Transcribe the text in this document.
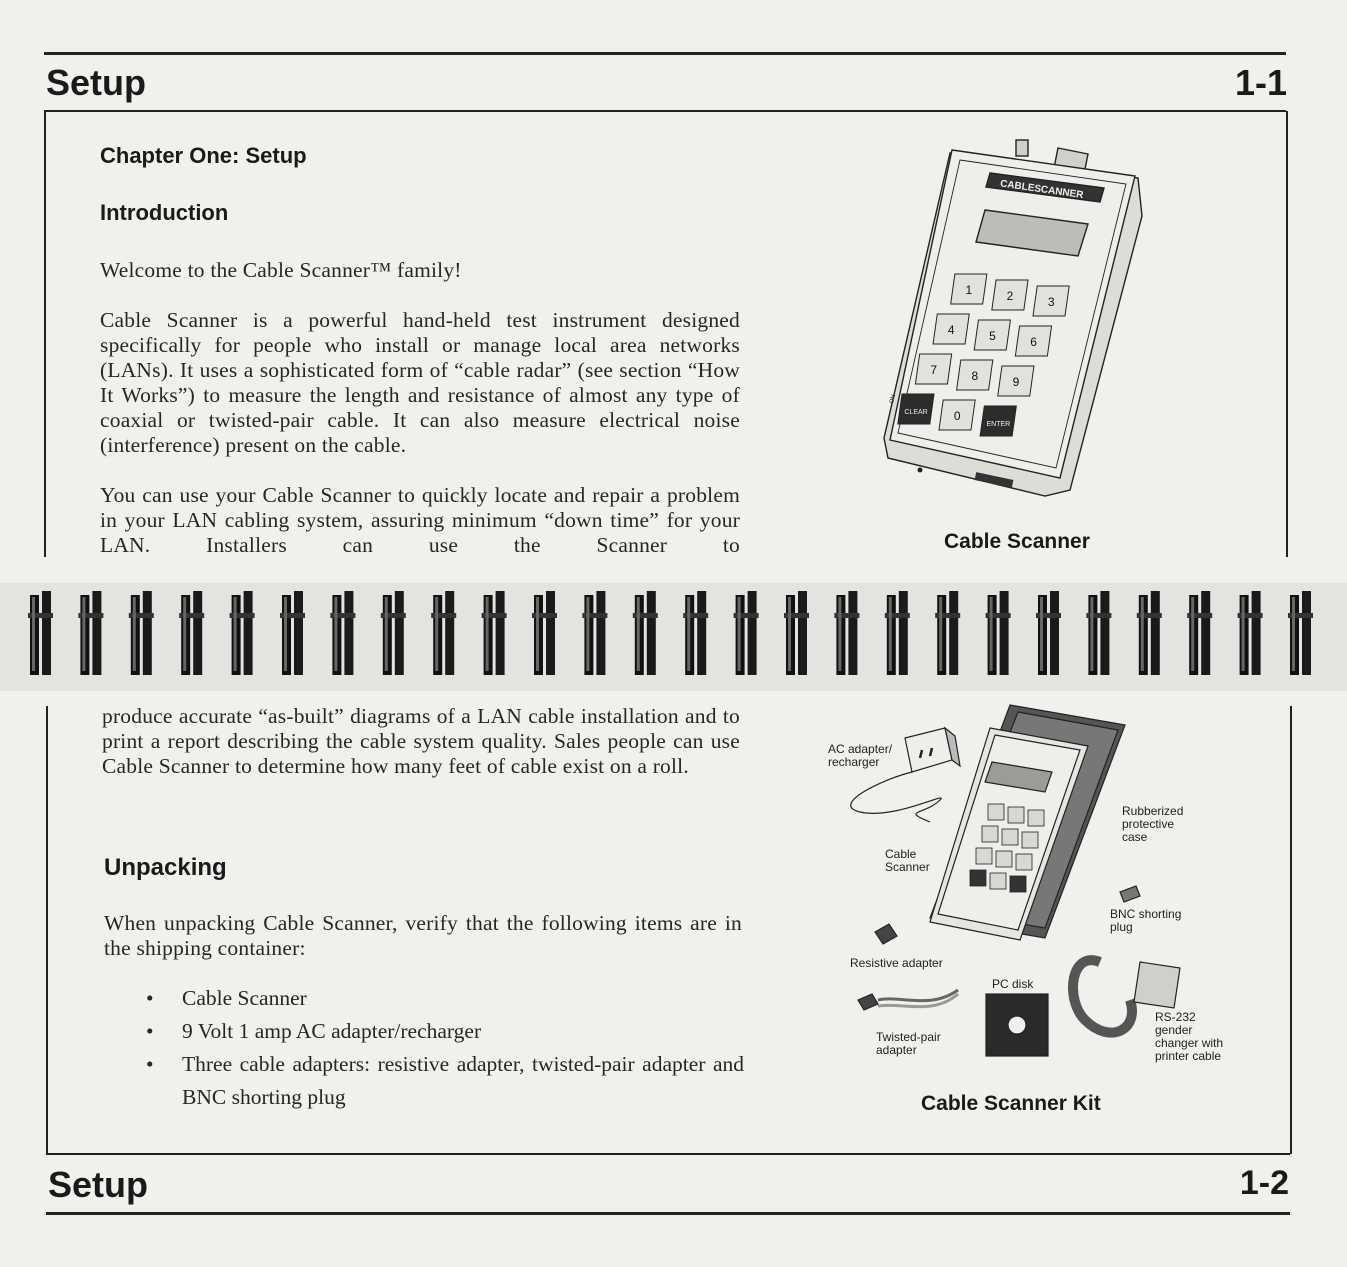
Setup	1-1
Chapter One: Setup
Introduction
Welcome to the Cable Scanner™ family!

Cable Scanner is a powerful hand-held test instrument designed specifically for people who install or manage local area networks (LANs). It uses a sophisticated form of “cable radar” (see section “How It Works”) to measure the length and resistance of almost any type of coaxial or twisted-pair cable. It can also measure electrical noise (interference) present on the cable.

You can use your Cable Scanner to quickly locate and repair a problem in your LAN cabling system, assuring minimum “down time” for your LAN. Installers can use the Scanner to

CABLESCANNER
1	2	3
4	5	6
7	8	9
CLEAR 0
ENTER
ON
Cable Scanner

produce accurate “as-built” diagrams of a LAN cable installation and to print a report describing the cable system quality. Sales people can use Cable Scanner to determine how many feet of cable exist on a roll.

Unpacking

When unpacking Cable Scanner, verify that the following items are in the shipping container:

• Cable Scanner
• 9 Volt 1 amp AC adapter/recharger
• Three cable adapters: resistive adapter, twisted-pair adapter and BNC shorting plug
AC adapter/ recharger
Cable Scanner
Rubberized protective case
BNC shorting plug
Resistive adapter
PC disk
Twisted-pair adapter
RS-232 gender changer with printer cable
Cable Scanner Kit
Setup	1-2
